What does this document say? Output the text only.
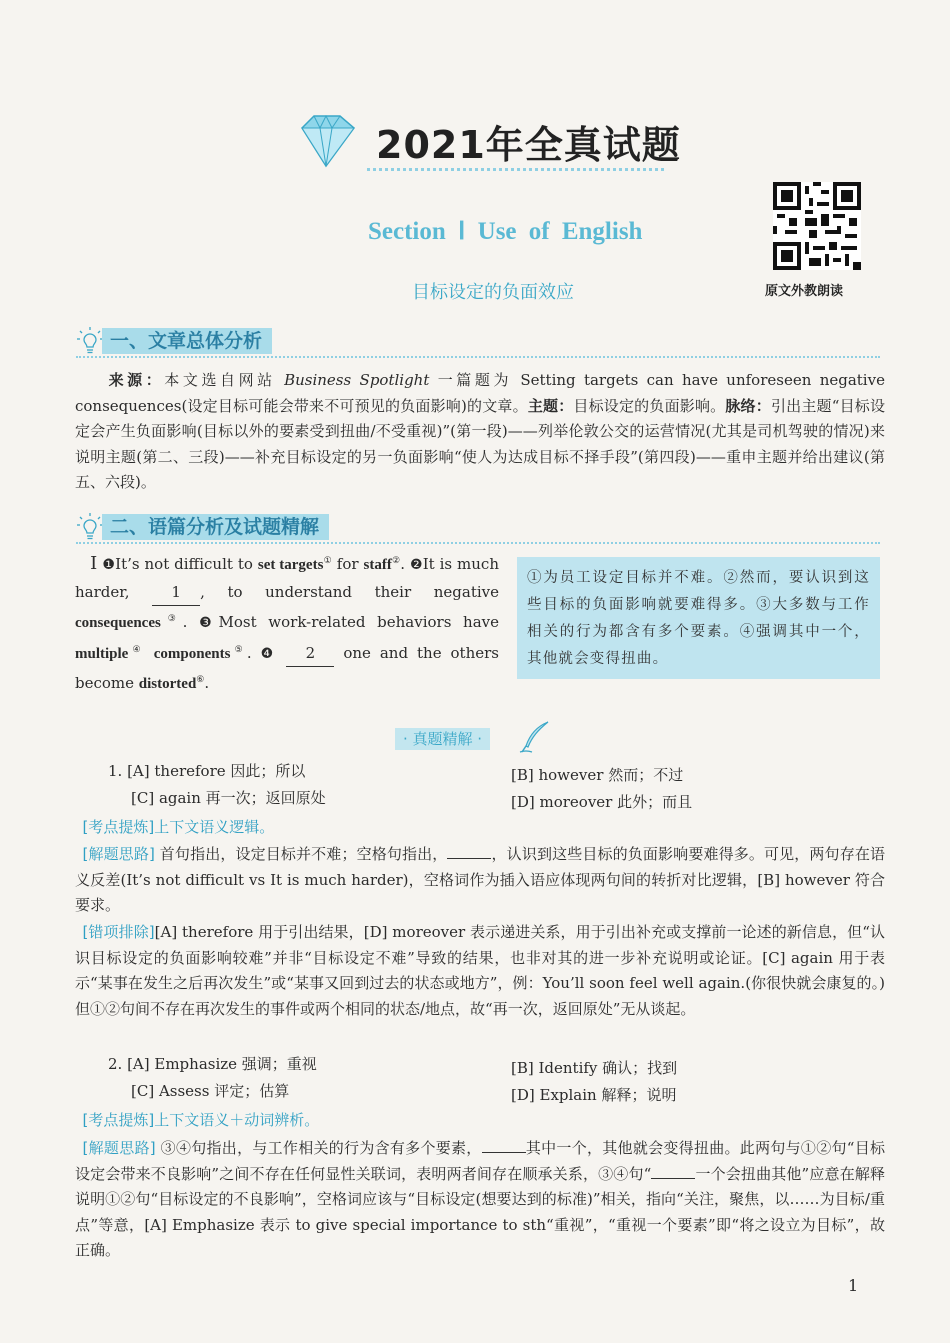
2021年全真试题
Section Ⅰ Use of English
目标设定的负面效应	原文外教朗读
一、文章总体分析
  来源：本文选自网站 Business Spotlight 一篇题为 Setting targets can have unforeseen negative consequences(设定目标可能会带来不可预见的负面影响)的文章。主题：目标设定的负面影响。脉络：引出主题“目标设定会产生负面影响(目标以外的要素受到扭曲/不受重视)”(第一段)——列举伦敦公交的运营情况(尤其是司机驾驶的情况)来说明主题(第二、三段)——补充目标设定的另一负面影响“使人为达成目标不择手段”(第四段)——重申主题并给出建议(第五、六段)。
二、语篇分析及试题精解
 Ⅰ ❶It’s not difficult to set targets① for staff②. ❷It is much harder,	1 , to understand their negative consequences③. ❸Most work-related behaviors have multiple④ components⑤. ❹ 2 one and the others become distorted⑥.
①为员工设定目标并不难。②然而，要认识到这些目标的负面影响就要难得多。③大多数与工作相关的行为都含有多个要素。④强调其中一个，其他就会变得扭曲。
· 真题精解 ·
1. [A] therefore 因此；所以	[B] however 然而；不过
[C] again 再一次；返回原处	[D] moreover 此外；而且
 [考点提炼]上下文语义逻辑。
 [解题思路] 首句指出，设定目标并不难；空格句指出，	，认识到这些目标的负面影响要难得多。可见，两句存在语义反差(It’s not difficult vs It is much harder)，空格词作为插入语应体现两句间的转折对比逻辑，[B] however 符合要求。
 [错项排除][A] therefore 用于引出结果，[D] moreover 表示递进关系，用于引出补充或支撑前一论述的新信息，但“认识目标设定的负面影响较难”并非“目标设定不难”导致的结果，也非对其的进一步补充说明或论证。[C] again 用于表示“某事在发生之后再次发生”或“某事又回到过去的状态或地方”，例：You’ll soon feel well again.(你很快就会康复的。)但①②句间不存在再次发生的事件或两个相同的状态/地点，故“再一次，返回原处”无从谈起。
2. [A] Emphasize 强调；重视	[B] Identify 确认；找到
[C] Assess 评定；估算	[D] Explain 解释；说明
 [考点提炼]上下文语义＋动词辨析。
 [解题思路] ③④句指出，与工作相关的行为含有多个要素，	其中一个，其他就会变得扭曲。此两句与①②句“目标设定会带来不良影响”之间不存在任何显性关联词，表明两者间存在顺承关系，③④句“	一个会扭曲其他”应意在解释说明①②句“目标设定的不良影响”，空格词应该与“目标设定(想要达到的标准)”相关，指向“关注，聚焦，以……为目标/重点”等意，[A] Emphasize 表示 to give special importance to sth“重视”，“重视一个要素”即“将之设立为目标”，故正确。
1
